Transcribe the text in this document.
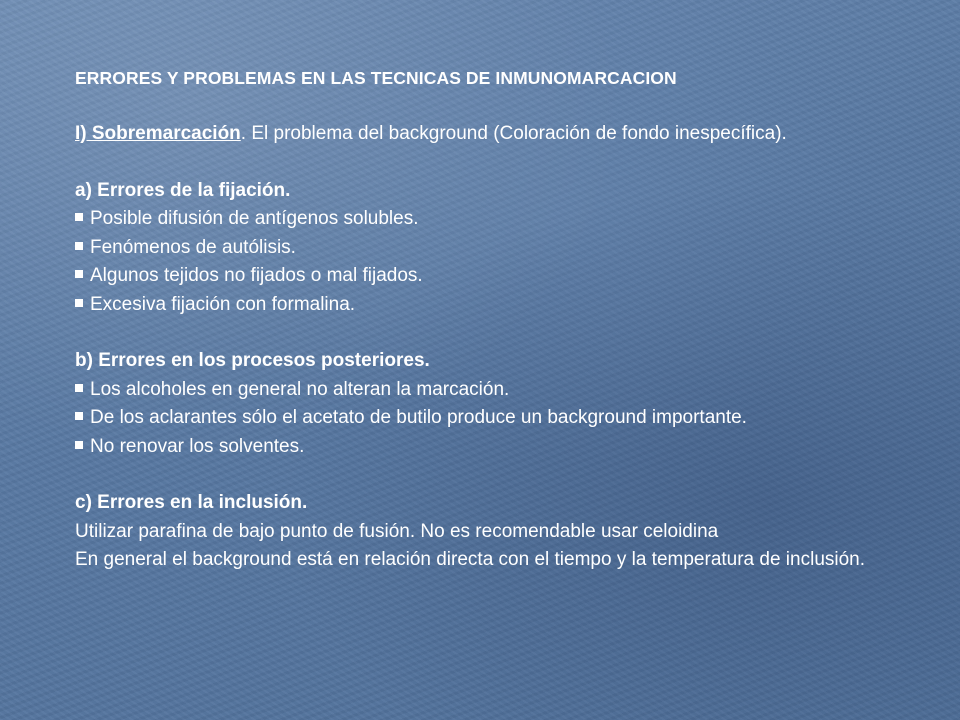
ERRORES Y PROBLEMAS EN LAS TECNICAS DE INMUNOMARCACION

I) Sobremarcación. El problema del background (Coloración de fondo inespecífica).

a) Errores de la fijación.

Posible difusión de antígenos solubles.
Fenómenos de autólisis.
Algunos tejidos no fijados o mal fijados.
Excesiva fijación con formalina.

b) Errores en los procesos posteriores.

Los alcoholes en general no alteran la marcación.
De los aclarantes sólo el acetato de butilo produce un background importante.
No renovar los solventes.

c) Errores en la inclusión.

Utilizar parafina de bajo punto de fusión. No es recomendable usar celoidina

En general el background está en relación directa con el tiempo y la temperatura de inclusión.
